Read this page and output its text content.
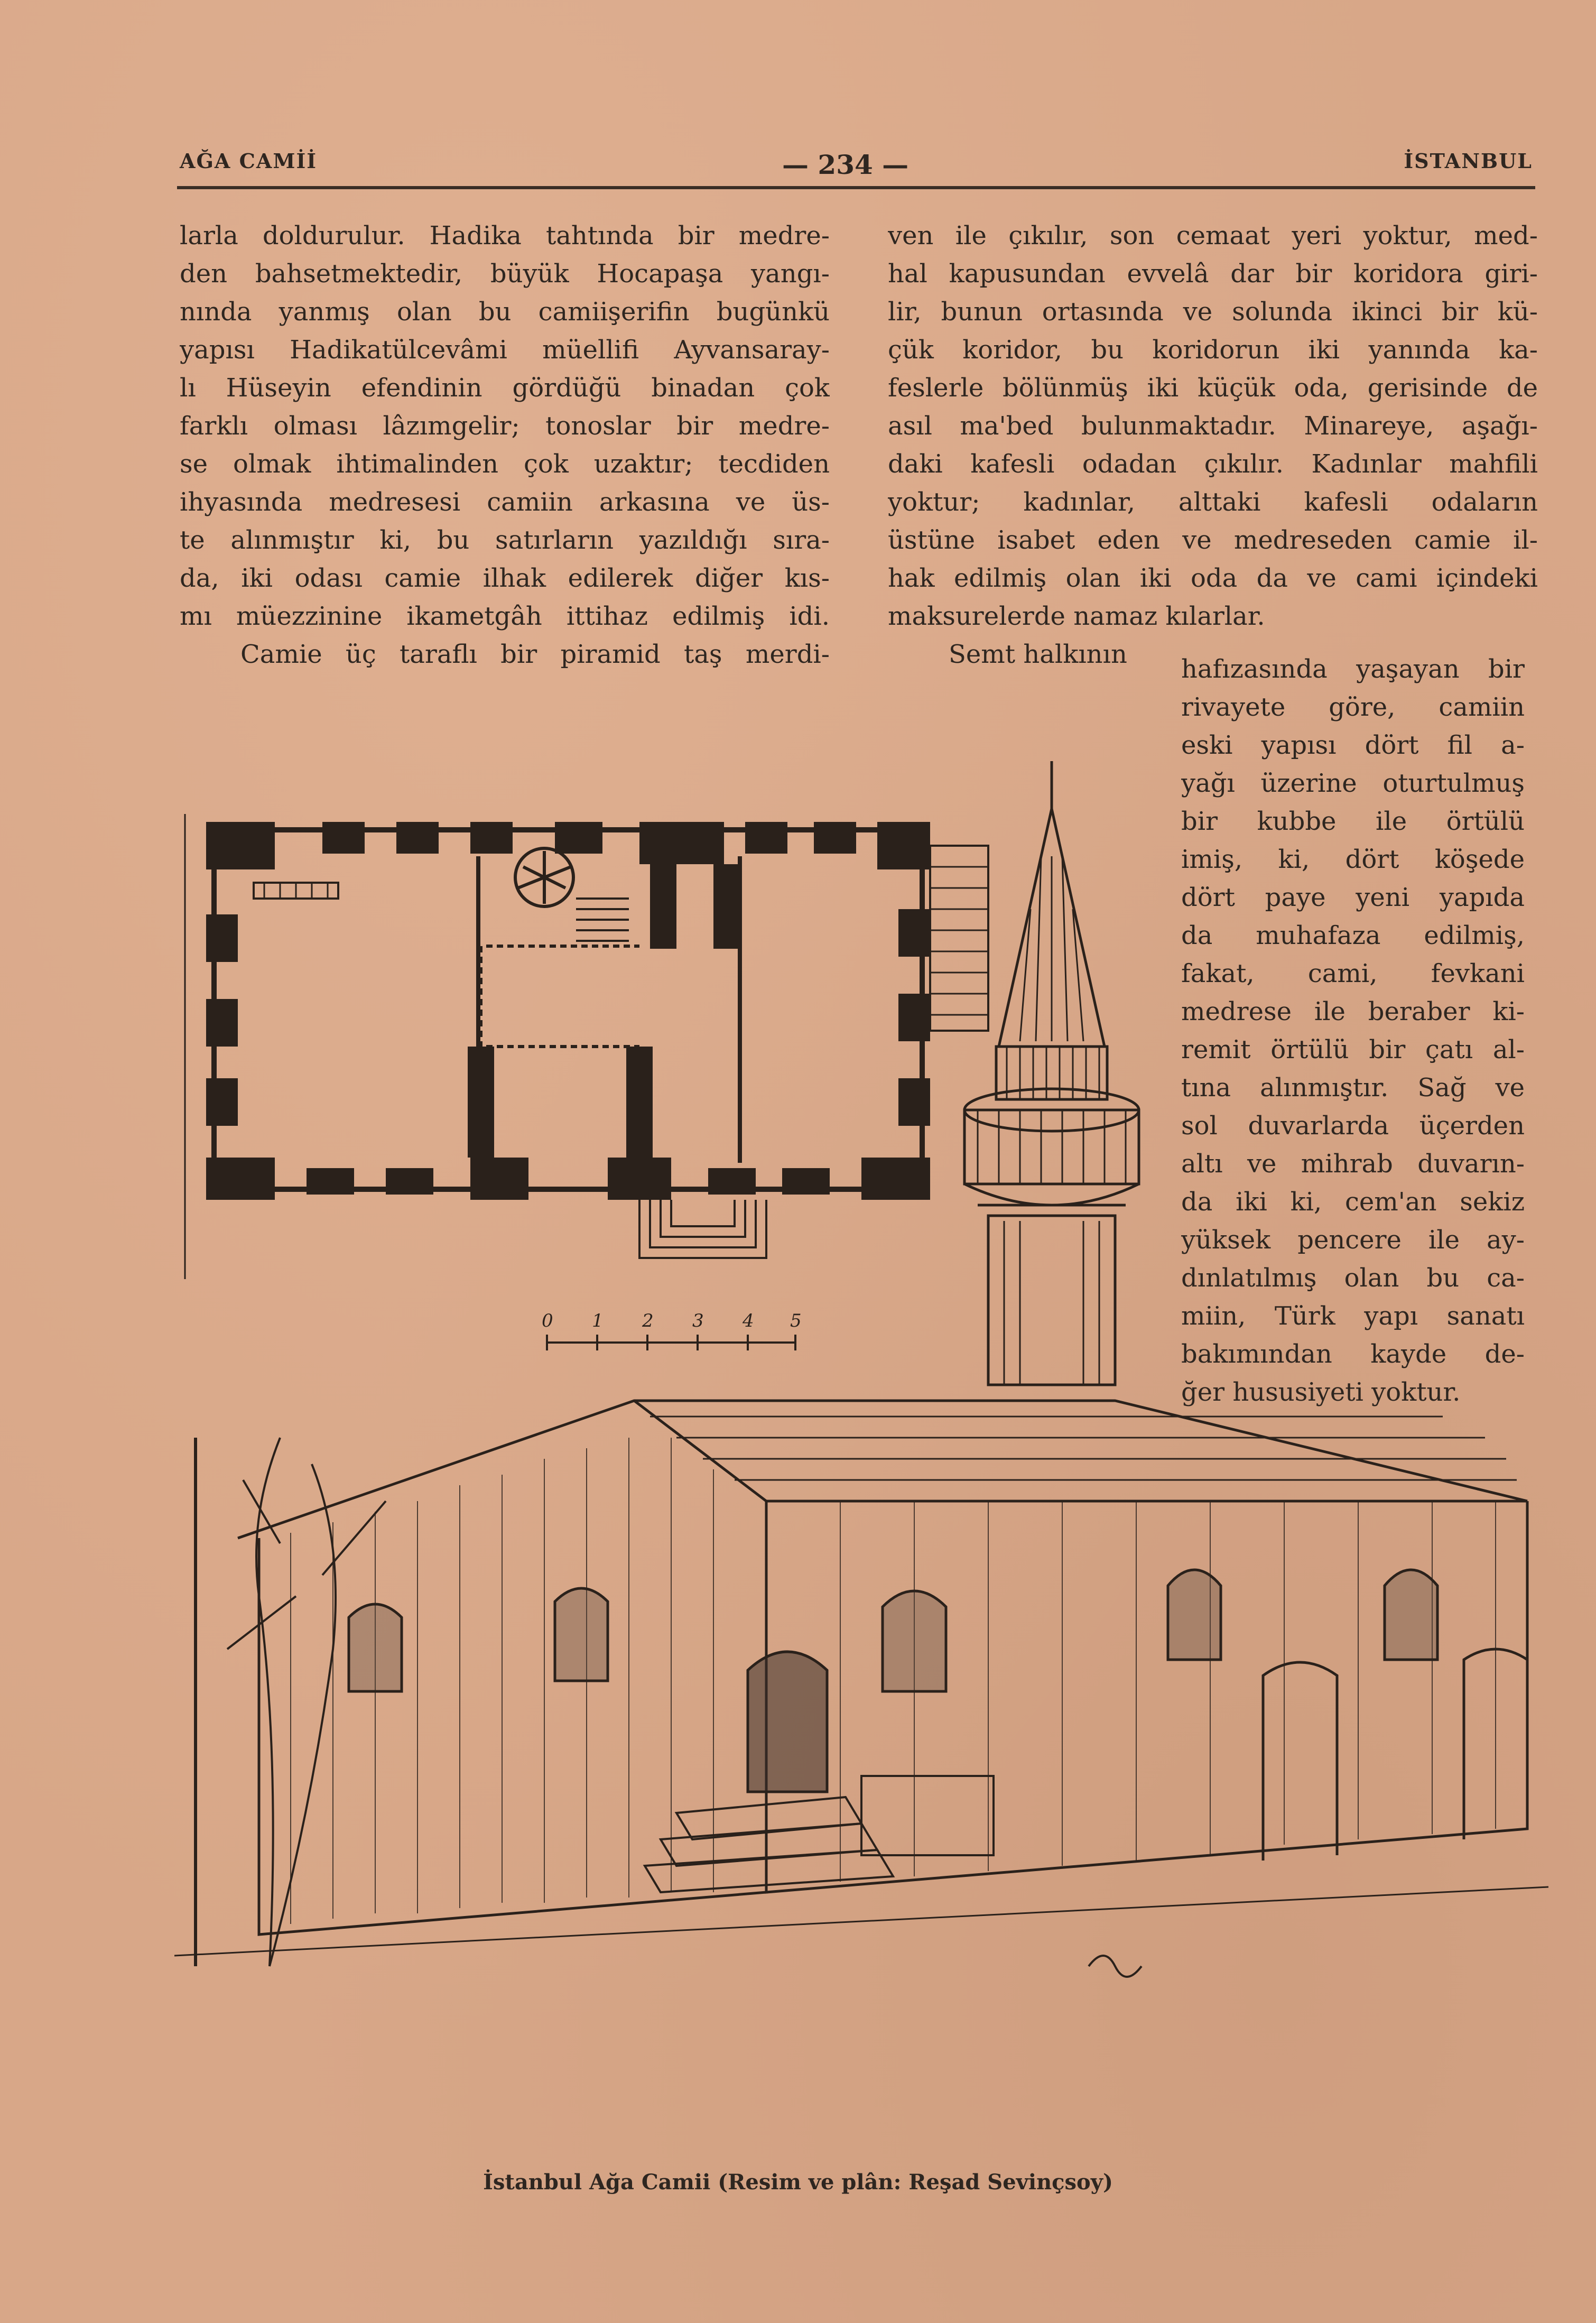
AĞA CAMİİ	— 234 —	İSTANBUL
larla doldurulur. Hadika tahtında bir medre-
den bahsetmektedir, büyük Hocapaşa yangı-
nında yanmış olan bu camiişerifin bugünkü
yapısı Hadikatülcevâmi müellifi Ayvansaray-
lı Hüseyin efendinin gördüğü binadan çok
farklı olması lâzımgelir; tonoslar bir medre-
se olmak ihtimalinden çok uzaktır; tecdiden
ihyasında medresesi camiin arkasına ve üs-
te alınmıştır ki, bu satırların yazıldığı sıra-
da, iki odası camie ilhak edilerek diğer kıs-
mı müezzinine ikametgâh ittihaz edilmiş idi.
Camie üç taraflı bir piramid taş merdi-
ven ile çıkılır, son cemaat yeri yoktur, med-
hal kapusundan evvelâ dar bir koridora giri-
lir, bunun ortasında ve solunda ikinci bir kü-
çük koridor, bu koridorun iki yanında ka-
feslerle bölünmüş iki küçük oda, gerisinde de
asıl ma'bed bulunmaktadır. Minareye, aşağı-
daki kafesli odadan çıkılır. Kadınlar mahfili
yoktur; kadınlar, alttaki kafesli odaların
üstüne isabet eden ve medreseden camie il-
hak edilmiş olan iki oda da ve cami içindeki
maksurelerde namaz kılarlar.
Semt halkının	hafızasında yaşayan bir
rivayete göre, camiin
eski yapısı dört fil a-
yağı üzerine oturtulmuş
bir kubbe ile örtülü
imiş, ki, dört köşede
dört paye yeni yapıda
da muhafaza edilmiş,
fakat, cami, fevkani
medrese ile beraber ki-
remit örtülü bir çatı al-
tına alınmıştır. Sağ ve
sol duvarlarda üçerden
altı ve mihrab duvarın-
da iki ki, cem'an sekiz
yüksek pencere ile ay-
dınlatılmış olan bu ca-
miin, Türk yapı sanatı
bakımından kayde de-
ğer hususiyeti yoktur.
0 1 2 3 4 5
İstanbul Ağa Camii (Resim ve plân: Reşad Sevinçsoy)
